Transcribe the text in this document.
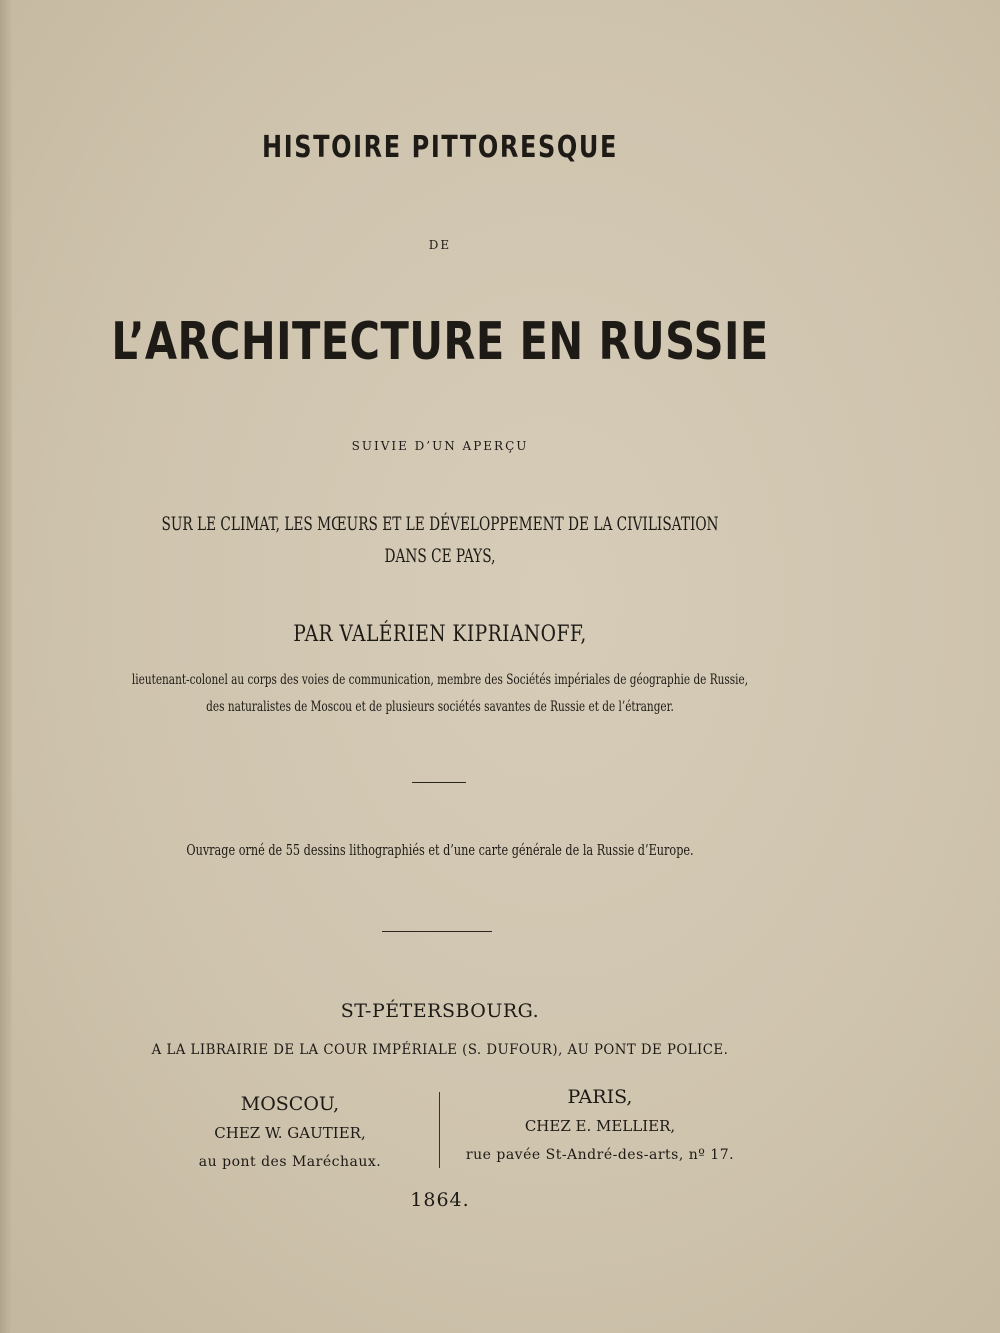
HISTOIRE PITTORESQUE
DE
L’ARCHITECTURE EN RUSSIE
SUIVIE D’UN APERÇU
SUR LE CLIMAT, LES MŒURS ET LE DÉVELOPPEMENT DE LA CIVILISATION
DANS CE PAYS,
PAR VALÉRIEN KIPRIANOFF,
lieutenant-colonel au corps des voies de communication, membre des Sociétés impériales de géographie de Russie,
des naturalistes de Moscou et de plusieurs sociétés savantes de Russie et de l’étranger.
Ouvrage orné de 55 dessins lithographiés et d’une carte générale de la Russie d’Europe.
ST-PÉTERSBOURG.
A LA LIBRAIRIE DE LA COUR IMPÉRIALE (S. DUFOUR), AU PONT DE POLICE.
MOSCOU,
CHEZ W. GAUTIER,
au pont des Maréchaux.
PARIS,
CHEZ E. MELLIER,
rue pavée St-André-des-arts, nº 17.
1864.
